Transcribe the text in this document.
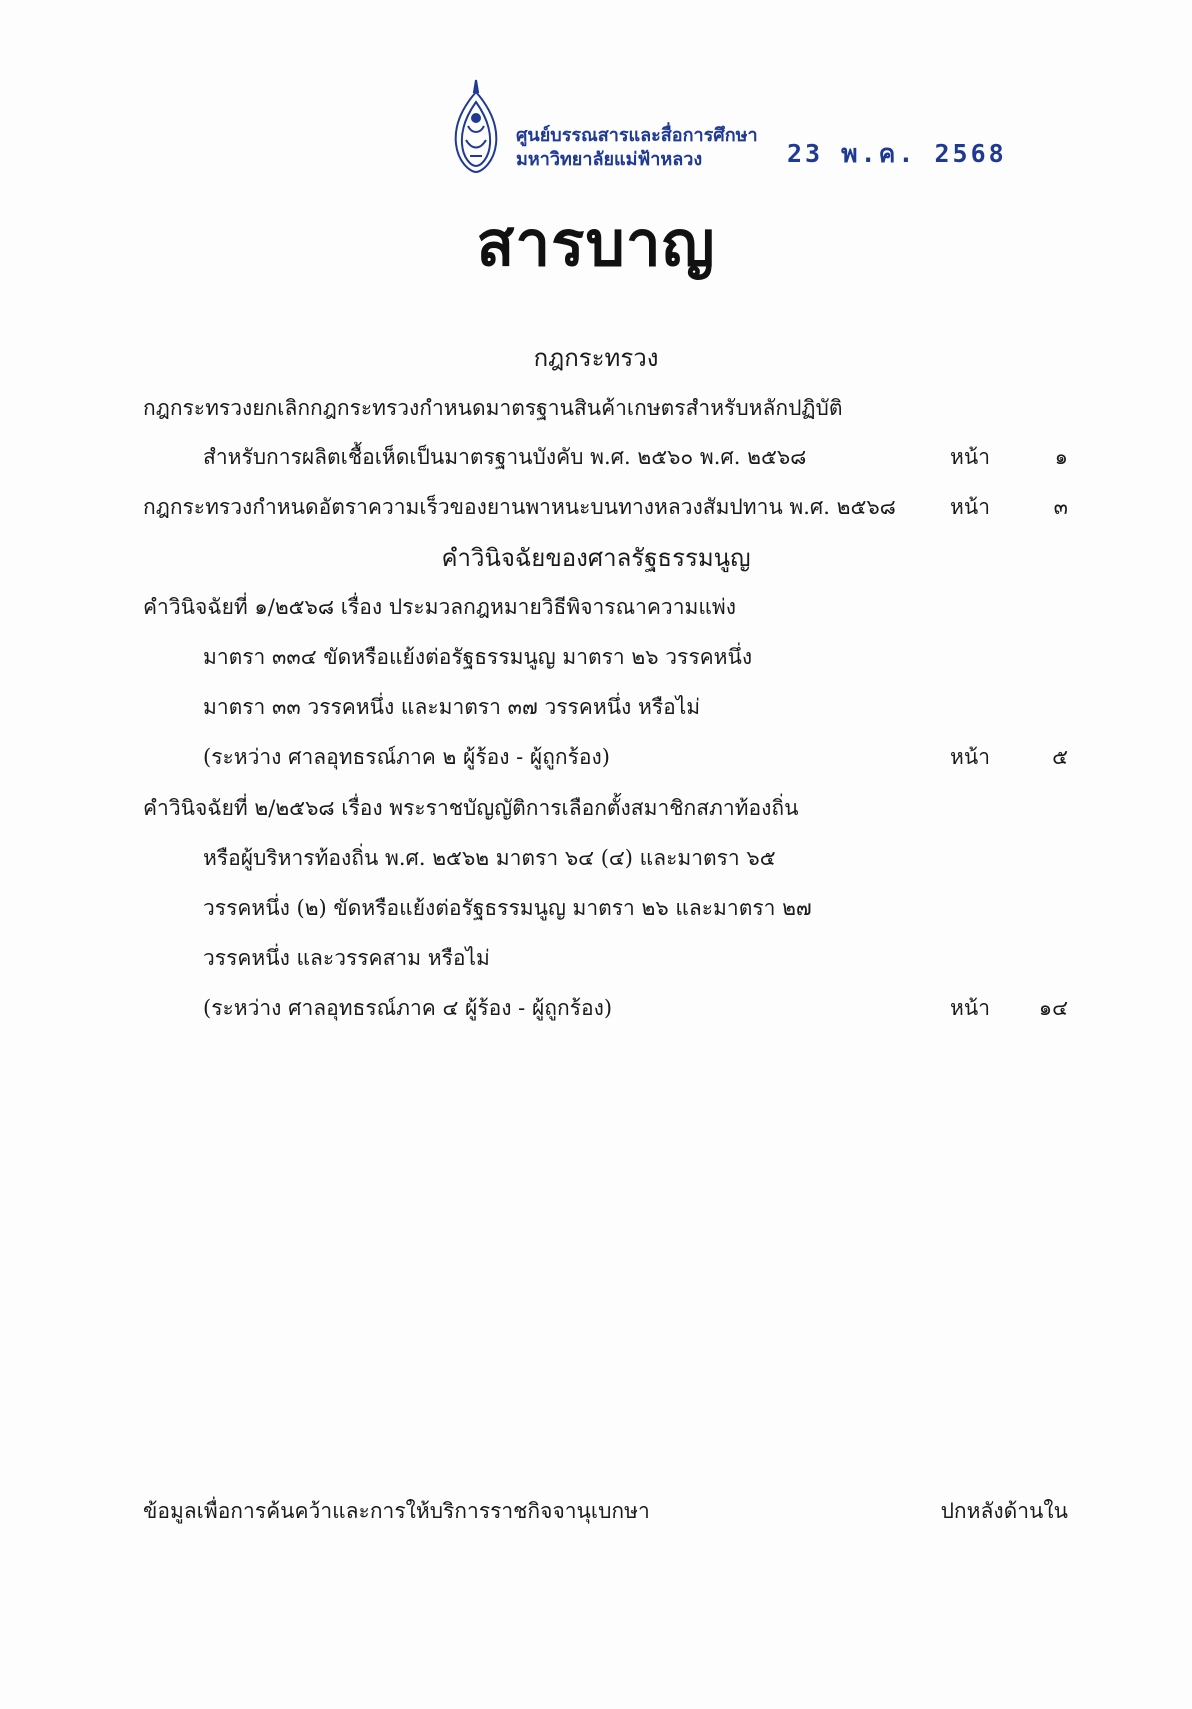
ศูนย์บรรณสารและสื่อการศึกษา
มหาวิทยาลัยแม่ฟ้าหลวง	23 พ.ค. 2568
สารบาญ
กฎกระทรวง
กฎกระทรวงยกเลิกกฎกระทรวงกำหนดมาตรฐานสินค้าเกษตรสำหรับหลักปฏิบัติ
สำหรับการผลิตเชื้อเห็ดเป็นมาตรฐานบังคับ พ.ศ. ๒๕๖๐ พ.ศ. ๒๕๖๘	หน้า	๑
กฎกระทรวงกำหนดอัตราความเร็วของยานพาหนะบนทางหลวงสัมปทาน พ.ศ. ๒๕๖๘	หน้า	๓
คำวินิจฉัยของศาลรัฐธรรมนูญ
คำวินิจฉัยที่ ๑/๒๕๖๘ เรื่อง ประมวลกฎหมายวิธีพิจารณาความแพ่ง
มาตรา ๓๓๔ ขัดหรือแย้งต่อรัฐธรรมนูญ มาตรา ๒๖ วรรคหนึ่ง
มาตรา ๓๓ วรรคหนึ่ง และมาตรา ๓๗ วรรคหนึ่ง หรือไม่
(ระหว่าง ศาลอุทธรณ์ภาค ๒ ผู้ร้อง - ผู้ถูกร้อง)	หน้า	๕
คำวินิจฉัยที่ ๒/๒๕๖๘ เรื่อง พระราชบัญญัติการเลือกตั้งสมาชิกสภาท้องถิ่น
หรือผู้บริหารท้องถิ่น พ.ศ. ๒๕๖๒ มาตรา ๖๔ (๔) และมาตรา ๖๕
วรรคหนึ่ง (๒) ขัดหรือแย้งต่อรัฐธรรมนูญ มาตรา ๒๖ และมาตรา ๒๗
วรรคหนึ่ง และวรรคสาม หรือไม่
(ระหว่าง ศาลอุทธรณ์ภาค ๔ ผู้ร้อง - ผู้ถูกร้อง)	หน้า ๑๔
ข้อมูลเพื่อการค้นคว้าและการให้บริการราชกิจจานุเบกษา	ปกหลังด้านใน
